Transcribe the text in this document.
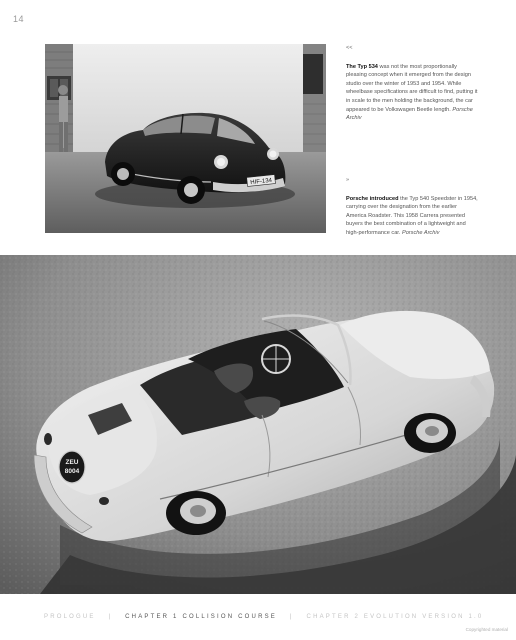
14
HIF-134
<<
The Typ 534 was not the most proportionally pleasing concept when it emerged from the design studio over the winter of 1953 and 1954. While wheelbase specifications are difficult to find, putting it in scale to the men holding the background, the car appeared to be Volkswagen Beetle length. Porsche Archiv
»
Porsche introduced the Typ 540 Speedster in 1954, carrying over the designation from the earlier America Roadster. This 1958 Carrera presented buyers the best combination of a lightweight and high-performance car. Porsche Archiv
ZEU
8004
PROLOGUE | CHAPTER 1 COLLISION COURSE | CHAPTER 2 EVOLUTION VERSION 1.0
Copyrighted material
